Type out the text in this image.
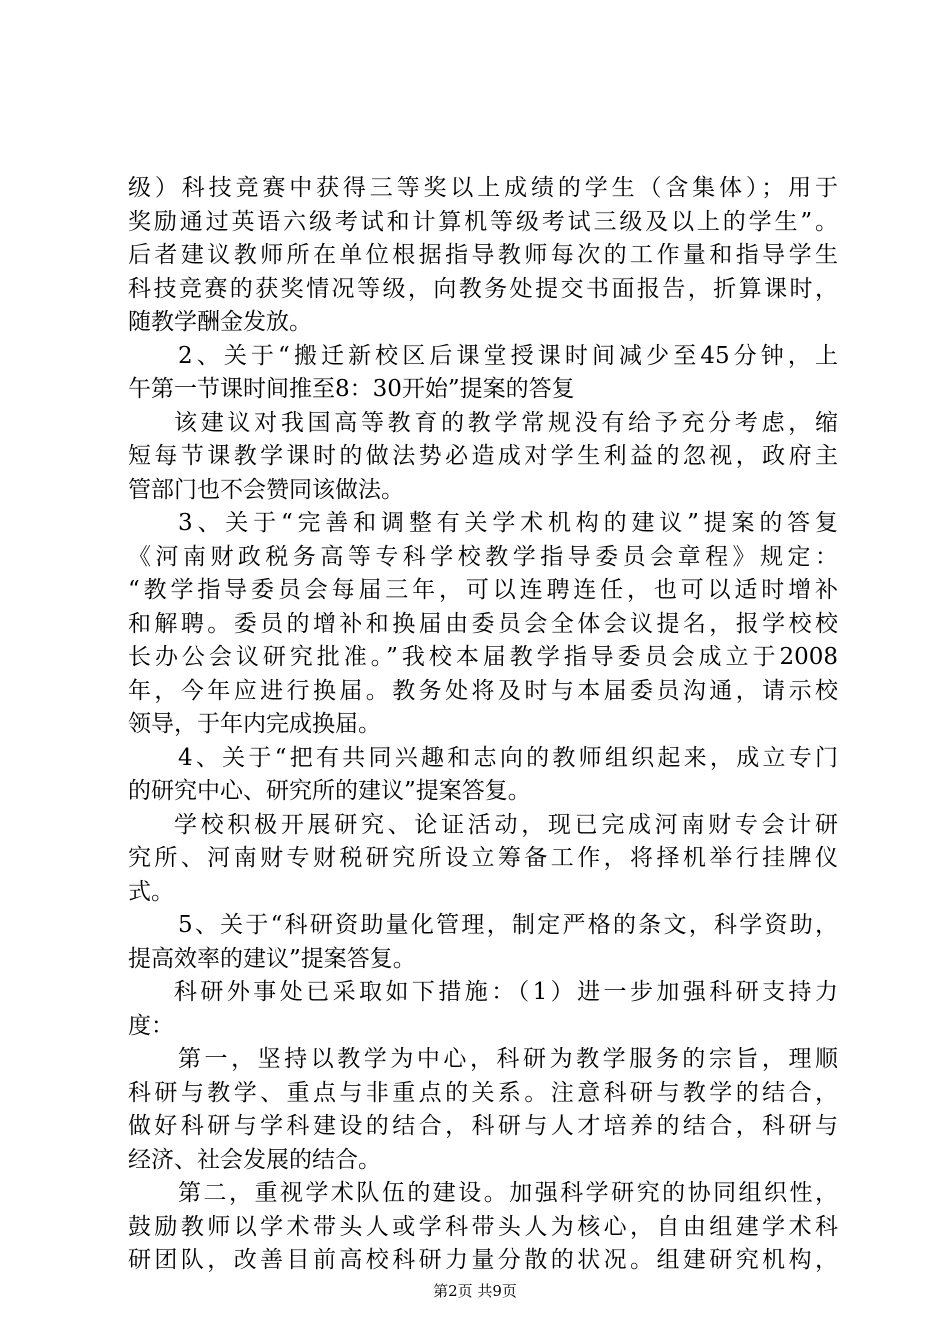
级）科技竞赛中获得三等奖以上成绩的学生（含集体）；用于
奖励通过英语六级考试和计算机等级考试三级及以上的学生”。
后者建议教师所在单位根据指导教师每次的工作量和指导学生
科技竞赛的获奖情况等级，向教务处提交书面报告，折算课时，
随教学酬金发放。
2、关于“搬迁新校区后课堂授课时间减少至45分钟，上
午第一节课时间推至8：30开始”提案的答复
该建议对我国高等教育的教学常规没有给予充分考虑，缩
短每节课教学课时的做法势必造成对学生利益的忽视，政府主
管部门也不会赞同该做法。
3、关于“完善和调整有关学术机构的建议”提案的答复
《河南财政税务高等专科学校教学指导委员会章程》规定：
“教学指导委员会每届三年，可以连聘连任，也可以适时增补
和解聘。委员的增补和换届由委员会全体会议提名，报学校校
长办公会议研究批准。”我校本届教学指导委员会成立于2008
年，今年应进行换届。教务处将及时与本届委员沟通，请示校
领导，于年内完成换届。
4、关于“把有共同兴趣和志向的教师组织起来，成立专门
的研究中心、研究所的建议”提案答复。
学校积极开展研究、论证活动，现已完成河南财专会计研
究所、河南财专财税研究所设立筹备工作，将择机举行挂牌仪
式。
5、关于“科研资助量化管理，制定严格的条文，科学资助，
提高效率的建议”提案答复。
科研外事处已采取如下措施：（1）进一步加强科研支持力
度：
第一，坚持以教学为中心，科研为教学服务的宗旨，理顺
科研与教学、重点与非重点的关系。注意科研与教学的结合，
做好科研与学科建设的结合，科研与人才培养的结合，科研与
经济、社会发展的结合。
第二，重视学术队伍的建设。加强科学研究的协同组织性，
鼓励教师以学术带头人或学科带头人为核心，自由组建学术科
研团队，改善目前高校科研力量分散的状况。组建研究机构，
第2页 共9页
